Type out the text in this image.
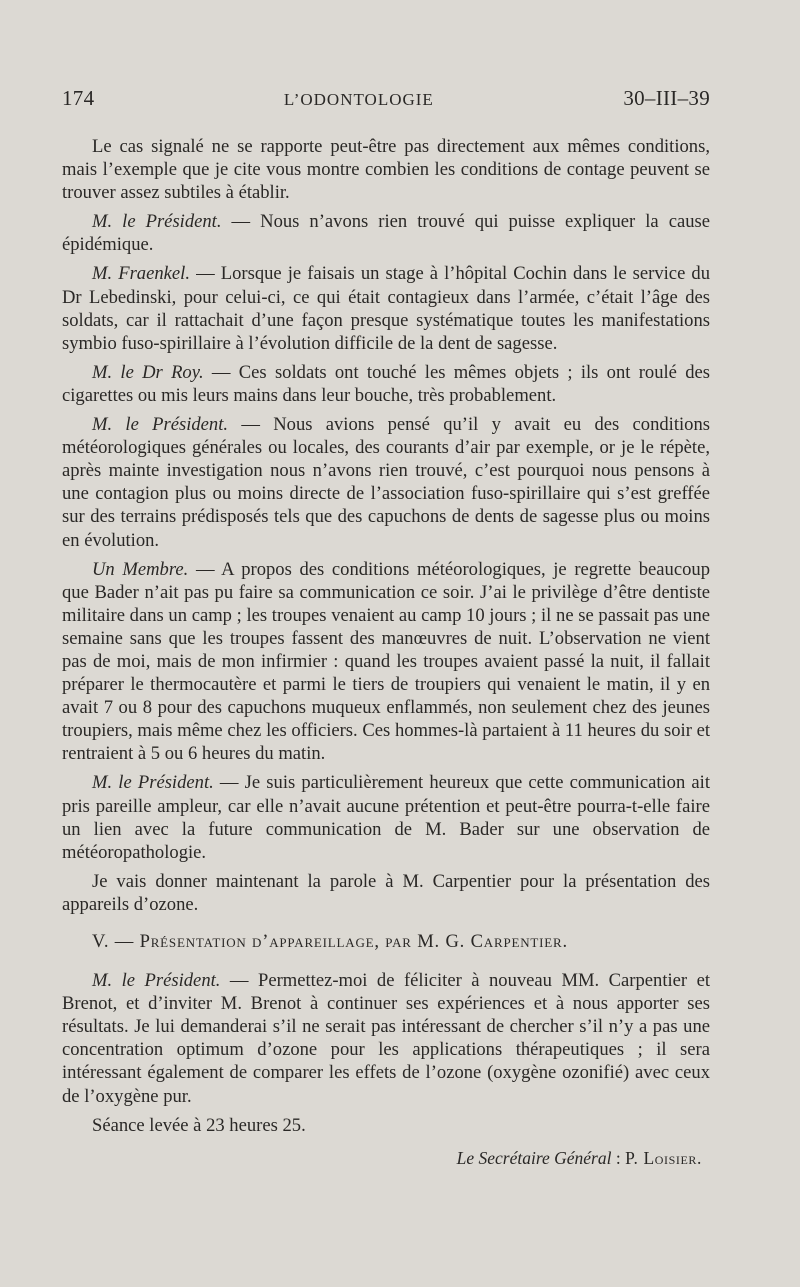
174	L’ODONTOLOGIE	30–III–39

Le cas signalé ne se rapporte peut-être pas directement aux mêmes conditions, mais l’exemple que je cite vous montre combien les conditions de contage peuvent se trouver assez subtiles à établir.

M. le Président. — Nous n’avons rien trouvé qui puisse expliquer la cause épidémique.

M. Fraenkel. — Lorsque je faisais un stage à l’hôpital Cochin dans le service du Dr Lebedinski, pour celui-ci, ce qui était contagieux dans l’armée, c’était l’âge des soldats, car il rattachait d’une façon presque systématique toutes les manifestations symbio fuso-spirillaire à l’évolution difficile de la dent de sagesse.

M. le Dr Roy. — Ces soldats ont touché les mêmes objets ; ils ont roulé des cigarettes ou mis leurs mains dans leur bouche, très probablement.

M. le Président. — Nous avions pensé qu’il y avait eu des conditions météorologiques générales ou locales, des courants d’air par exemple, or je le répète, après mainte investigation nous n’avons rien trouvé, c’est pourquoi nous pensons à une contagion plus ou moins directe de l’association fuso-spirillaire qui s’est greffée sur des terrains prédisposés tels que des capuchons de dents de sagesse plus ou moins en évolution.

Un Membre. — A propos des conditions météorologiques, je regrette beaucoup que Bader n’ait pas pu faire sa communication ce soir. J’ai le privilège d’être dentiste militaire dans un camp ; les troupes venaient au camp 10 jours ; il ne se passait pas une semaine sans que les troupes fassent des manœuvres de nuit. L’observation ne vient pas de moi, mais de mon infirmier : quand les troupes avaient passé la nuit, il fallait préparer le thermocautère et parmi le tiers de troupiers qui venaient le matin, il y en avait 7 ou 8 pour des capuchons muqueux enflammés, non seulement chez des jeunes troupiers, mais même chez les officiers. Ces hommes-là partaient à 11 heures du soir et rentraient à 5 ou 6 heures du matin.

M. le Président. — Je suis particulièrement heureux que cette communication ait pris pareille ampleur, car elle n’avait aucune prétention et peut-être pourra-t-elle faire un lien avec la future communication de M. Bader sur une observation de météoropathologie.

Je vais donner maintenant la parole à M. Carpentier pour la présentation des appareils d’ozone.

V. — Présentation d’appareillage, par M. G. Carpentier.

M. le Président. — Permettez-moi de féliciter à nouveau MM. Carpentier et Brenot, et d’inviter M. Brenot à continuer ses expériences et à nous apporter ses résultats. Je lui demanderai s’il ne serait pas intéressant de chercher s’il n’y a pas une concentration optimum d’ozone pour les applications thérapeutiques ; il sera intéressant également de comparer les effets de l’ozone (oxygène ozonifié) avec ceux de l’oxygène pur.

Séance levée à 23 heures 25.

Le Secrétaire Général : P. Loisier.
